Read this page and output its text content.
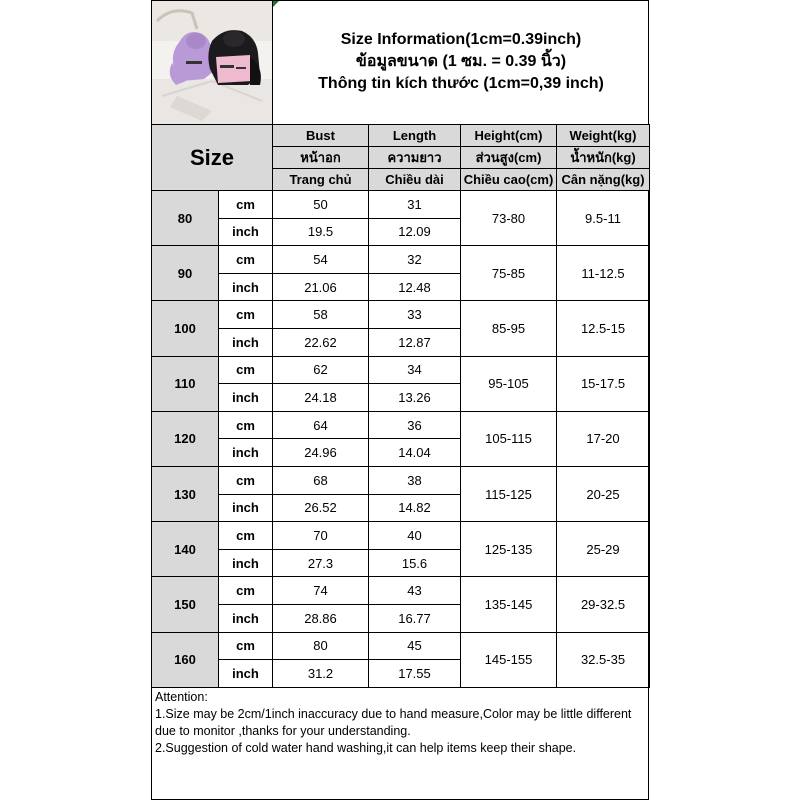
Size Information(1cm=0.39inch)
ข้อมูลขนาด (1 ซม. = 0.39 นิ้ว)
Thông tin kích thước (1cm=0,39 inch)
Size		Bust	Length	Height(cm)	Weight(kg)
		หน้าอก	ความยาว	ส่วนสูง(cm)	น้ำหนัก(kg)
		Trang chủ	Chiều dài	Chiều cao(cm)	Cân nặng(kg)
80	cm	50	31	73-80	9.5-11
	inch	19.5	12.09		
90	cm	54	32	75-85	11-12.5
	inch	21.06	12.48		
100	cm	58	33	85-95	12.5-15
	inch	22.62	12.87		
110	cm	62	34	95-105	15-17.5
	inch	24.18	13.26		
120	cm	64	36	105-115	17-20
	inch	24.96	14.04		
130	cm	68	38	115-125	20-25
	inch	26.52	14.82		
140	cm	70	40	125-135	25-29
	inch	27.3	15.6		
150	cm	74	43	135-145	29-32.5
	inch	28.86	16.77		
160	cm	80	45	145-155	32.5-35
	inch	31.2	17.55		
Attention:
1.Size may be 2cm/1inch inaccuracy due to hand measure,Color may be little different due to monitor ,thanks for your understanding.
2.Suggestion of cold water hand washing,it can help items keep their shape.
